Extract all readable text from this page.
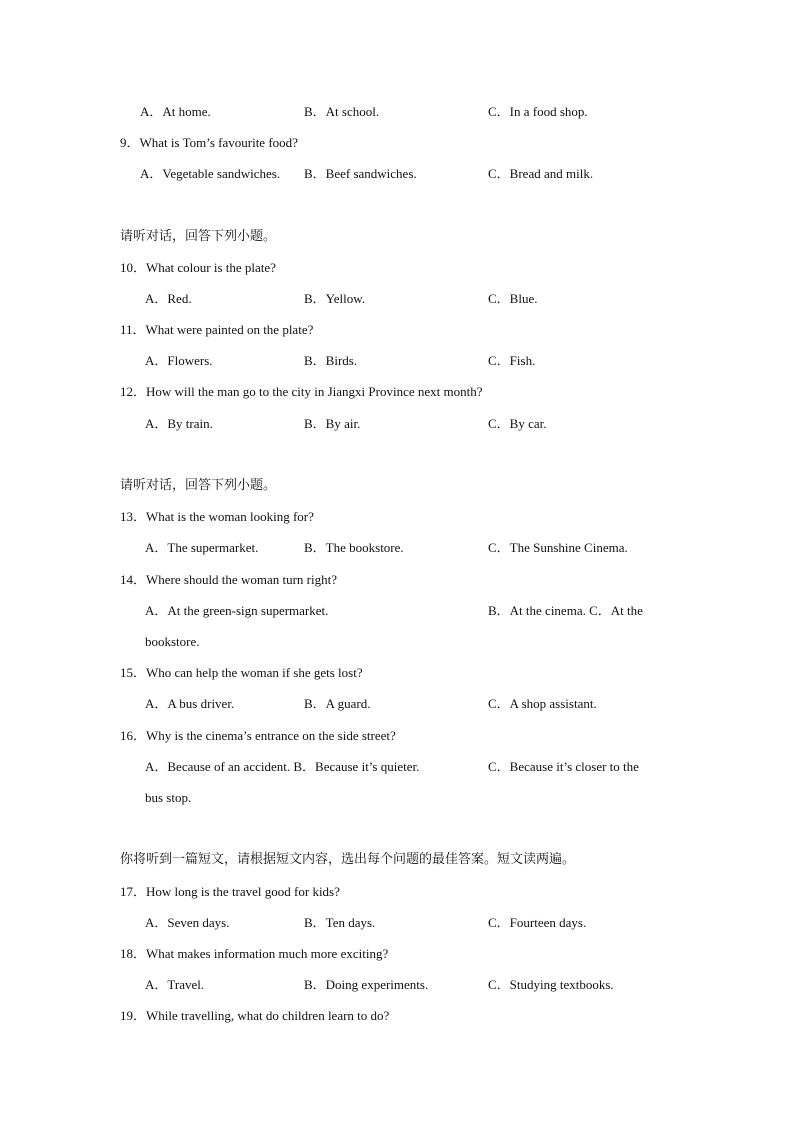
A．At home.	B．At school.	C．In a food shop.
9．What is Tom’s favourite food?
A．Vegetable sandwiches. B．Beef sandwiches.	C．Bread and milk.
请听对话，回答下列小题。
10．What colour is the plate?
A．Red.	B．Yellow.	C．Blue.
11．What were painted on the plate?
A．Flowers.	B．Birds.	C．Fish.
12．How will the man go to the city in Jiangxi Province next month?
A．By train.	B．By air.	C．By car.
请听对话，回答下列小题。
13．What is the woman looking for?
A．The supermarket.	B．The bookstore.	C．The Sunshine Cinema.
14．Where should the woman turn right?
A．At the green-sign supermarket.	B．At the cinema. C．At the
bookstore.
15．Who can help the woman if she gets lost?
A．A bus driver.	B．A guard.	C．A shop assistant.
16．Why is the cinema’s entrance on the side street?
A．Because of an accident. B．Because it’s quieter.	C．Because it’s closer to the
bus stop.
你将听到一篇短文，请根据短文内容，选出每个问题的最佳答案。短文读两遍。
17．How long is the travel good for kids?
A．Seven days.	B．Ten days.	C．Fourteen days.
18．What makes information much more exciting?
A．Travel.	B．Doing experiments.	C．Studying textbooks.
19．While travelling, what do children learn to do?
